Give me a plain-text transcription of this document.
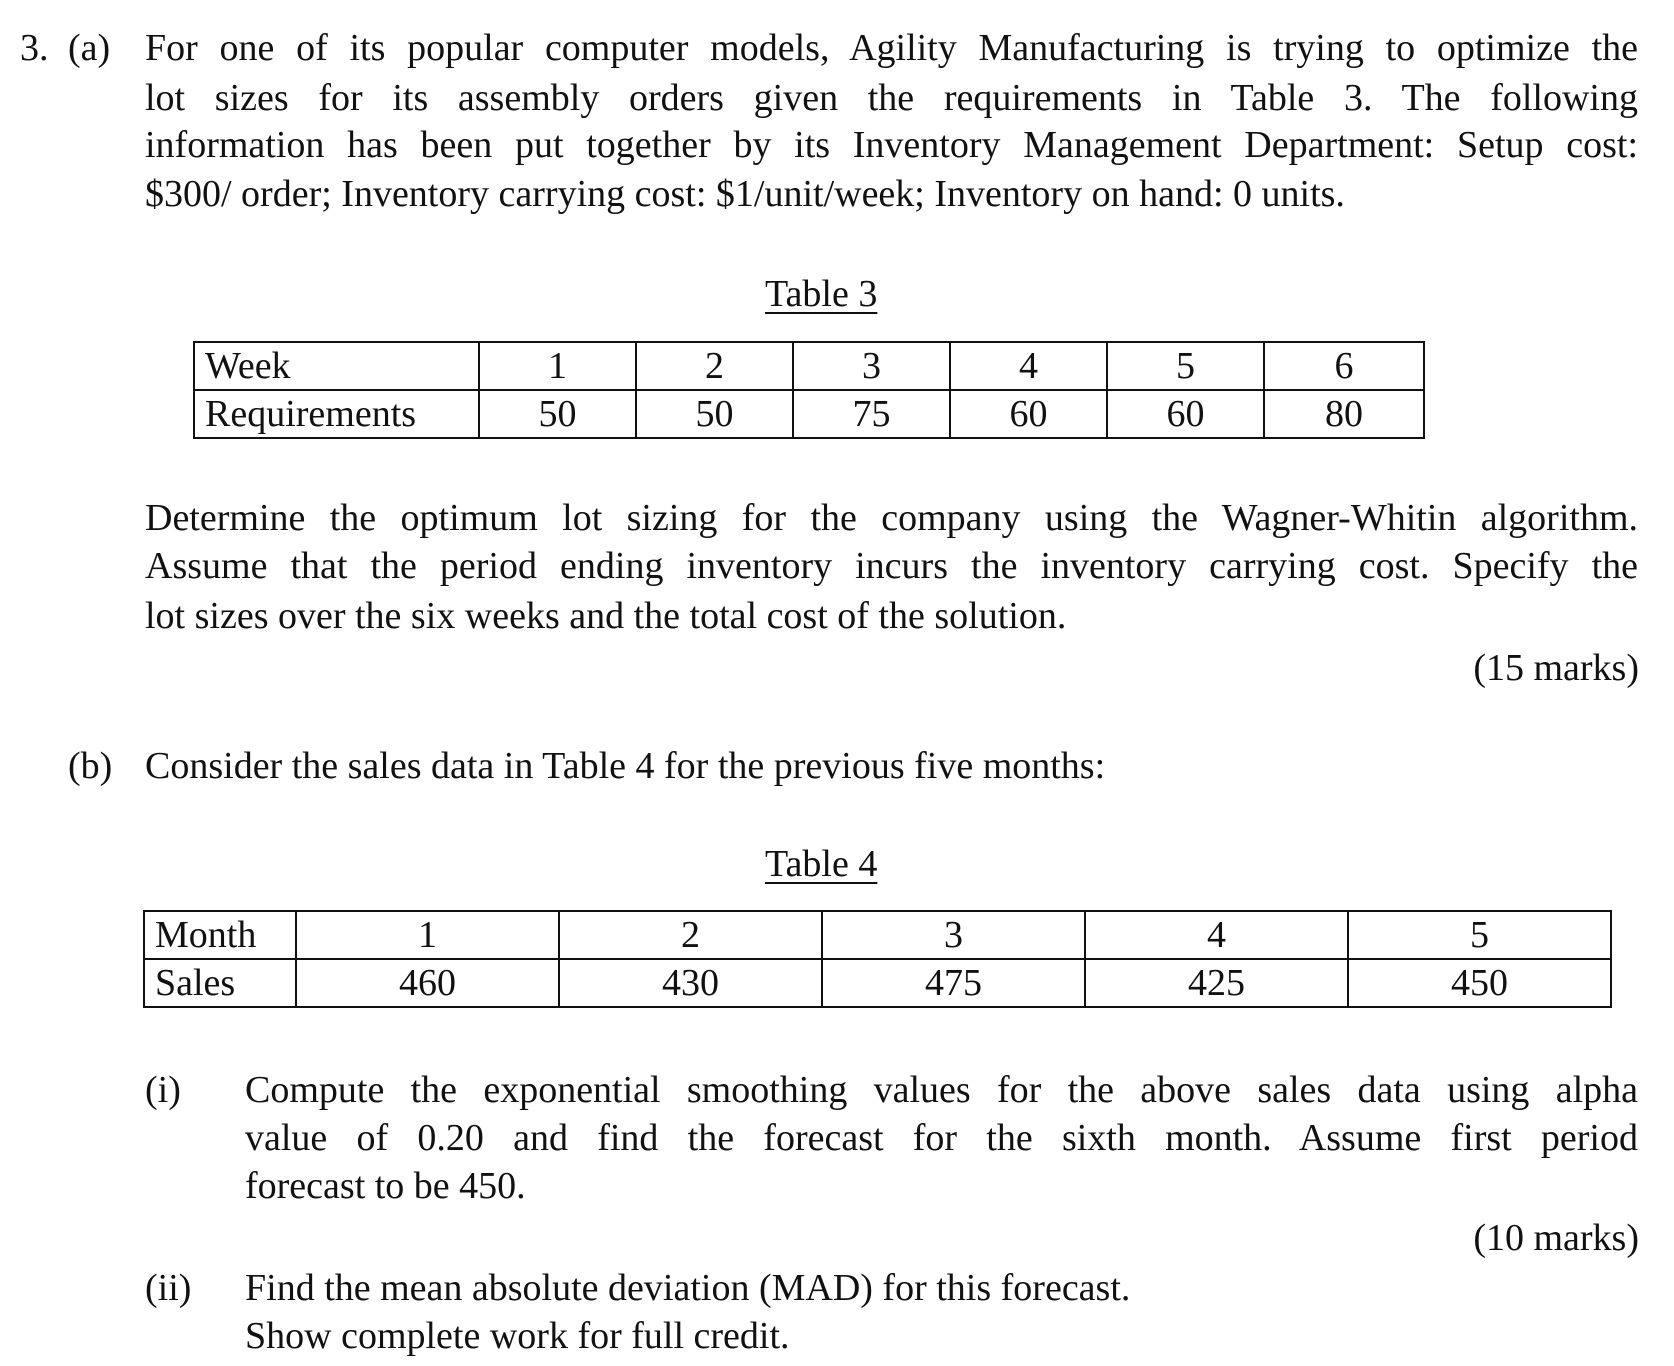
3. (a) For one of its popular computer models, Agility Manufacturing is trying to optimize the
lot sizes for its assembly orders given the requirements in Table 3. The following
information has been put together by its Inventory Management Department: Setup cost:
$300/ order; Inventory carrying cost: $1/unit/week; Inventory on hand: 0 units.
Table 3
Week	1	2	3	4	5	6
Requirements	50	50	75	60	60	80
Determine the optimum lot sizing for the company using the Wagner-Whitin algorithm.
Assume that the period ending inventory incurs the inventory carrying cost. Specify the
lot sizes over the six weeks and the total cost of the solution.
(15 marks)
(b) Consider the sales data in Table 4 for the previous five months:
Table 4
Month	1	2	3	4	5
Sales	460	430	475	425	450
(i) Compute the exponential smoothing values for the above sales data using alpha
value of 0.20 and find the forecast for the sixth month. Assume first period
forecast to be 450.
(10 marks)
(ii) Find the mean absolute deviation (MAD) for this forecast.
Show complete work for full credit.
